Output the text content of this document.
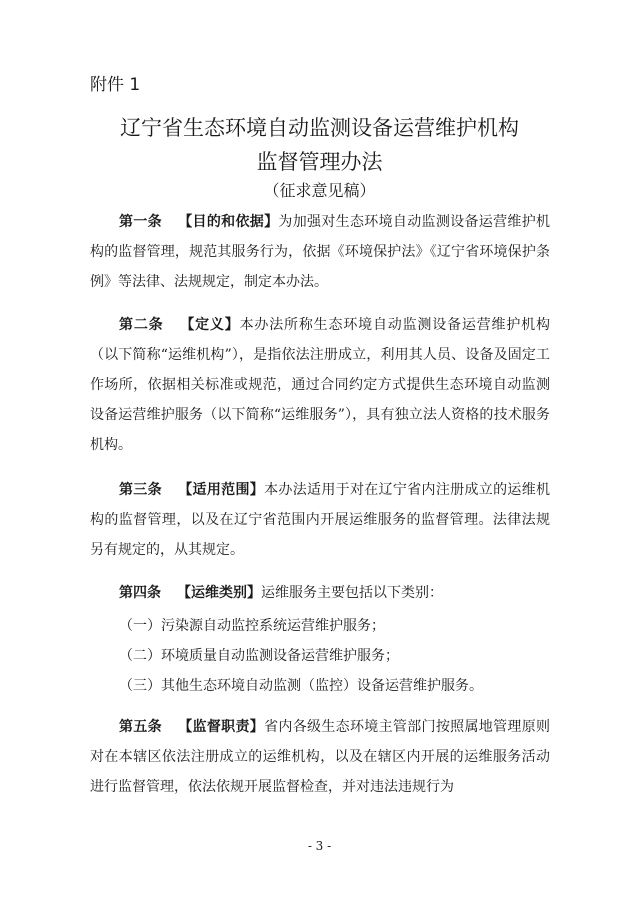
附件 1
辽宁省生态环境自动监测设备运营维护机构
监督管理办法
（征求意见稿）
第一条 【目的和依据】为加强对生态环境自动监测设备运营维护机构的监督管理，规范其服务行为，依据《环境保护法》《辽宁省环境保护条例》等法律、法规规定，制定本办法。
第二条 【定义】本办法所称生态环境自动监测设备运营维护机构（以下简称“运维机构”），是指依法注册成立，利用其人员、设备及固定工作场所，依据相关标准或规范，通过合同约定方式提供生态环境自动监测设备运营维护服务（以下简称“运维服务”），具有独立法人资格的技术服务机构。
第三条 【适用范围】本办法适用于对在辽宁省内注册成立的运维机构的监督管理，以及在辽宁省范围内开展运维服务的监督管理。法律法规另有规定的，从其规定。
第四条 【运维类别】运维服务主要包括以下类别：
（一）污染源自动监控系统运营维护服务；
（二）环境质量自动监测设备运营维护服务；
（三）其他生态环境自动监测（监控）设备运营维护服务。
第五条 【监督职责】省内各级生态环境主管部门按照属地管理原则对在本辖区依法注册成立的运维机构，以及在辖区内开展的运维服务活动进行监督管理，依法依规开展监督检查，并对违法违规行为
- 3 -
